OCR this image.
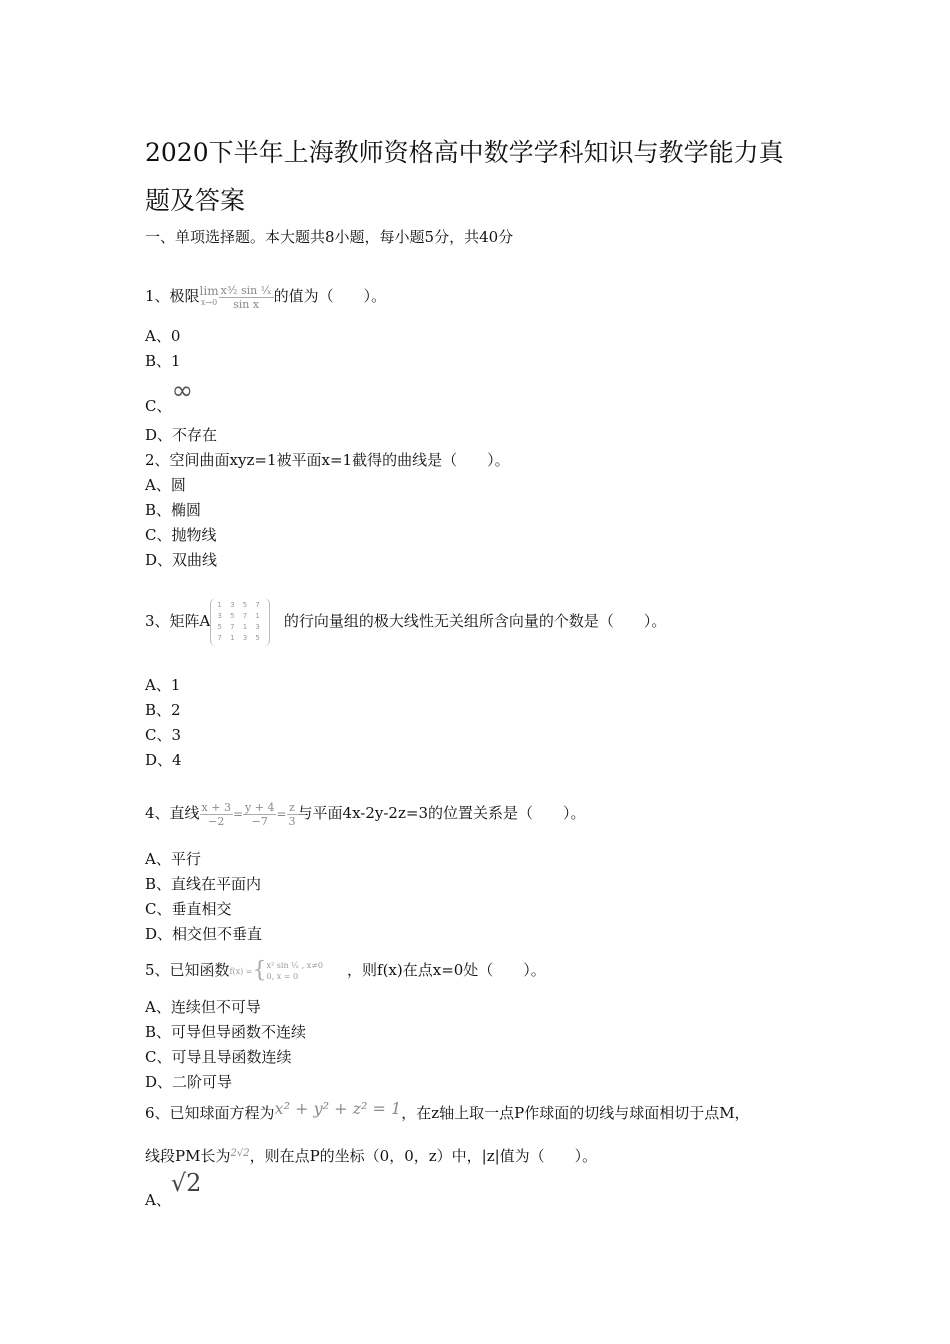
2020下半年上海教师资格高中数学学科知识与教学能力真
题及答案
一、单项选择题。本大题共8小题，每小题5分，共40分
1、极限lim
$x\to 0 \frac{\text{x³⁄₂ sin ¹⁄ₓ}}{\text{sin x}}$ 的值为（　　）。
A、0
B、1
C、∞
D、不存在
2、空间曲面xyz=1被平面x=1截得的曲线是（　　）。
A、圆
B、椭圆
C、抛物线
D、双曲线
3、矩阵A
1 3 5 7
3 5 7 1
5 7 1 3
7 1 3 5
的行向量组的极大线性无关组所含向量的个数是（　　）。
A、1
B、2
C、3
D、4
4、直线 $\frac{x + 3}{-2} = \frac{y + 4}{-7} = \frac{z}{3}$ 与平面4x-2y-2z=3的位置关系是（　　）。
A、平行
B、直线在平面内
C、垂直相交
D、相交但不垂直
5、已知函数f(x) ={ x² sin ¹⁄ₓ , x≠0
0, x = 0	，则f(x)在点x=0处（　　）。
A、连续但不可导
B、可导但导函数不连续
C、可导且导函数连续
D、二阶可导
6、已知球面方程为x² + y² + z² = 1，在z轴上取一点P作球面的切线与球面相切于点M，
线段PM长为$^{2√2}$，则在点P的坐标（0，0，z）中，|z|值为（　　）。
A、√2
